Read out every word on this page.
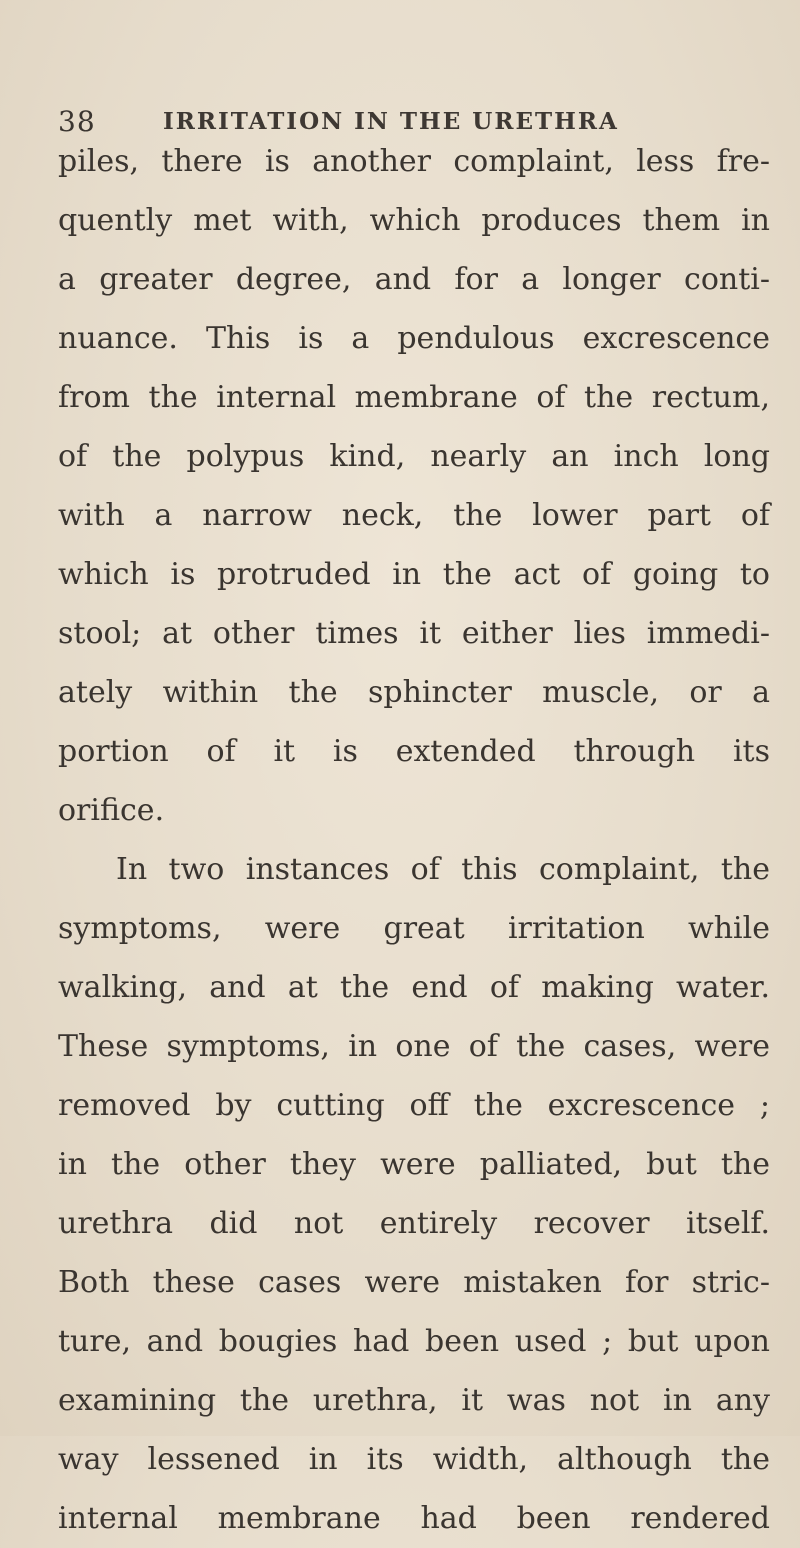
38	IRRITATION IN THE URETHRA
piles, there is another complaint, less fre-
quently met with, which produces them in
a greater degree, and for a longer conti-
nuance. This is a pendulous excrescence
from the internal membrane of the rectum,
of the polypus kind, nearly an inch long
with a narrow neck, the lower part of
which is protruded in the act of going to
stool; at other times it either lies immedi-
ately within the sphincter muscle, or a
portion of it is extended through its
orifice.
In two instances of this complaint, the
symptoms, were great irritation while
walking, and at the end of making water.
These symptoms, in one of the cases, were
removed by cutting off the excrescence ;
in the other they were palliated, but the
urethra did not entirely recover itself.
Both these cases were mistaken for stric-
ture, and bougies had been used ; but upon
examining the urethra, it was not in any
way lessened in its width, although the
internal membrane had been rendered
